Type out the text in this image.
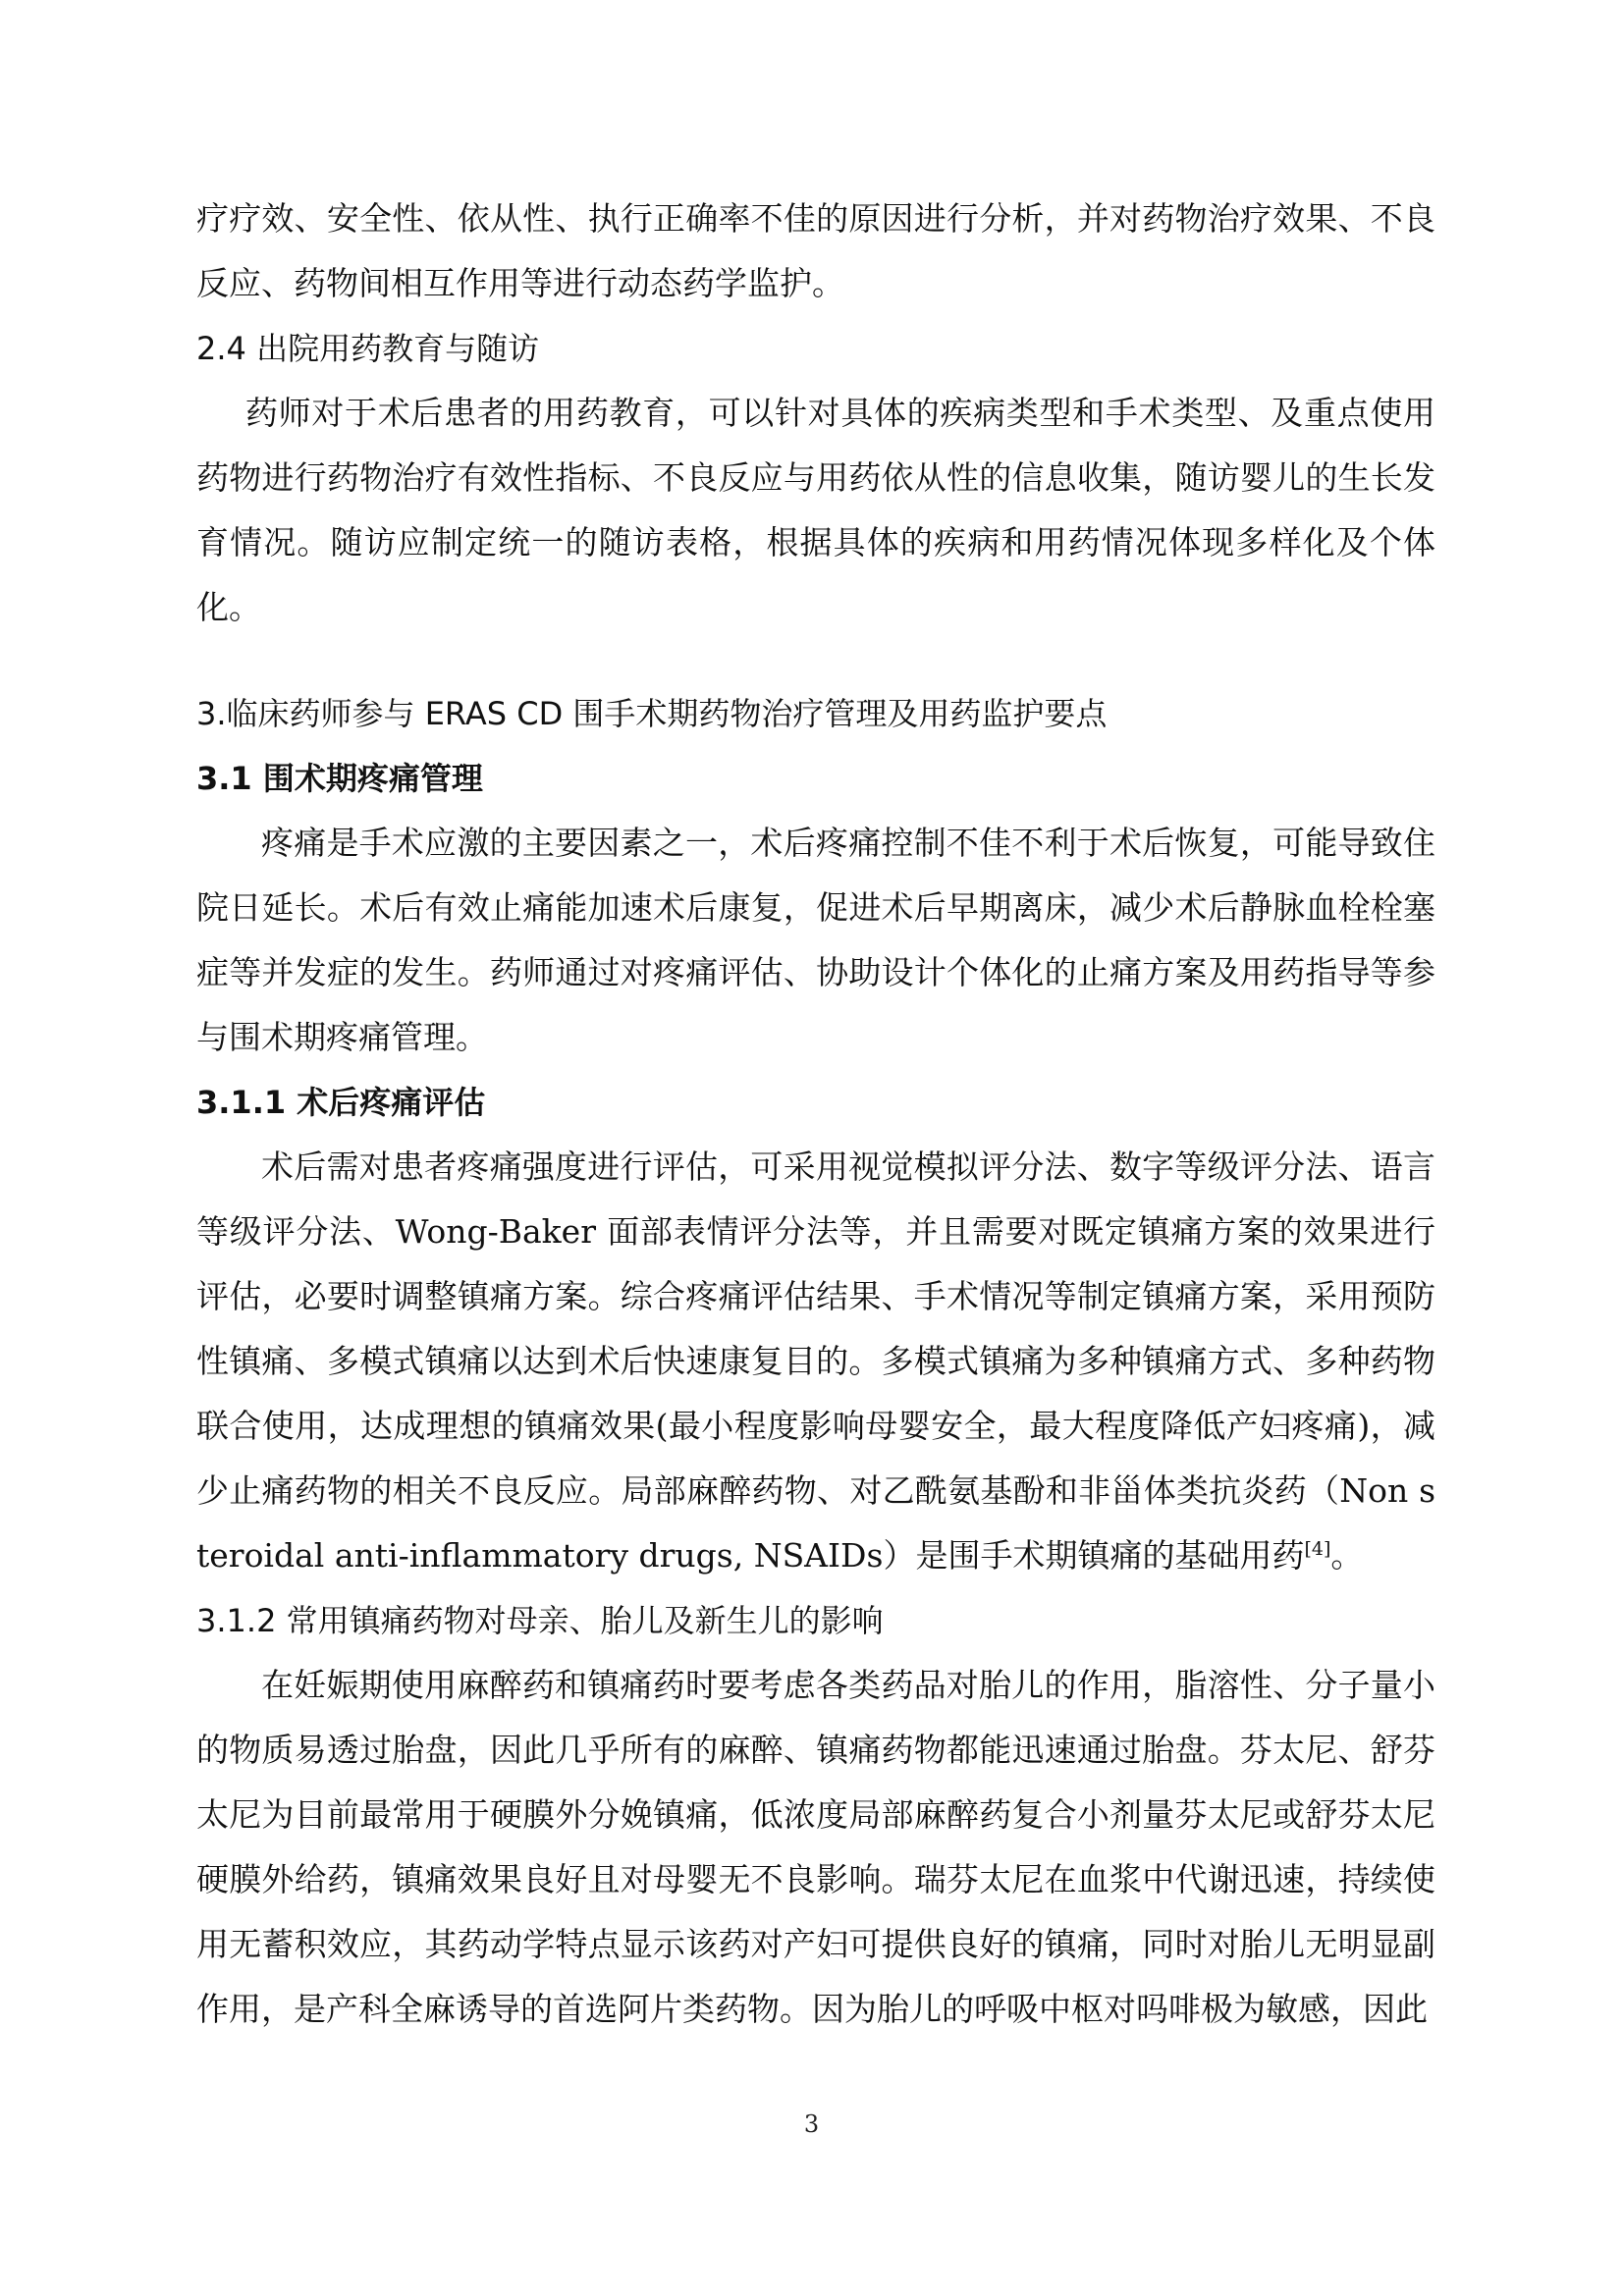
疗疗效、安全性、依从性、执行正确率不佳的原因进行分析，并对药物治疗效果、不良反应、药物间相互作用等进行动态药学监护。

2.4 出院用药教育与随访

药师对于术后患者的用药教育，可以针对具体的疾病类型和手术类型、及重点使用药物进行药物治疗有效性指标、不良反应与用药依从性的信息收集，随访婴儿的生长发育情况。随访应制定统一的随访表格，根据具体的疾病和用药情况体现多样化及个体化。

3.临床药师参与 ERAS CD 围手术期药物治疗管理及用药监护要点

3.1 围术期疼痛管理

疼痛是手术应激的主要因素之一，术后疼痛控制不佳不利于术后恢复，可能导致住院日延长。术后有效止痛能加速术后康复，促进术后早期离床，减少术后静脉血栓栓塞症等并发症的发生。药师通过对疼痛评估、协助设计个体化的止痛方案及用药指导等参与围术期疼痛管理。

3.1.1 术后疼痛评估

术后需对患者疼痛强度进行评估，可采用视觉模拟评分法、数字等级评分法、语言等级评分法、Wong-Baker 面部表情评分法等，并且需要对既定镇痛方案的效果进行评估，必要时调整镇痛方案。综合疼痛评估结果、手术情况等制定镇痛方案，采用预防性镇痛、多模式镇痛以达到术后快速康复目的。多模式镇痛为多种镇痛方式、多种药物联合使用，达成理想的镇痛效果(最小程度影响母婴安全，最大程度降低产妇疼痛)，减少止痛药物的相关不良反应。局部麻醉药物、对乙酰氨基酚和非甾体类抗炎药（Non steroidal anti-inflammatory drugs, NSAIDs）是围手术期镇痛的基础用药[4]。

3.1.2 常用镇痛药物对母亲、胎儿及新生儿的影响

在妊娠期使用麻醉药和镇痛药时要考虑各类药品对胎儿的作用，脂溶性、分子量小的物质易透过胎盘，因此几乎所有的麻醉、镇痛药物都能迅速通过胎盘。芬太尼、舒芬太尼为目前最常用于硬膜外分娩镇痛，低浓度局部麻醉药复合小剂量芬太尼或舒芬太尼硬膜外给药，镇痛效果良好且对母婴无不良影响。瑞芬太尼在血浆中代谢迅速，持续使用无蓄积效应，其药动学特点显示该药对产妇可提供良好的镇痛，同时对胎儿无明显副作用，是产科全麻诱导的首选阿片类药物。因为胎儿的呼吸中枢对吗啡极为敏感，因此

3
